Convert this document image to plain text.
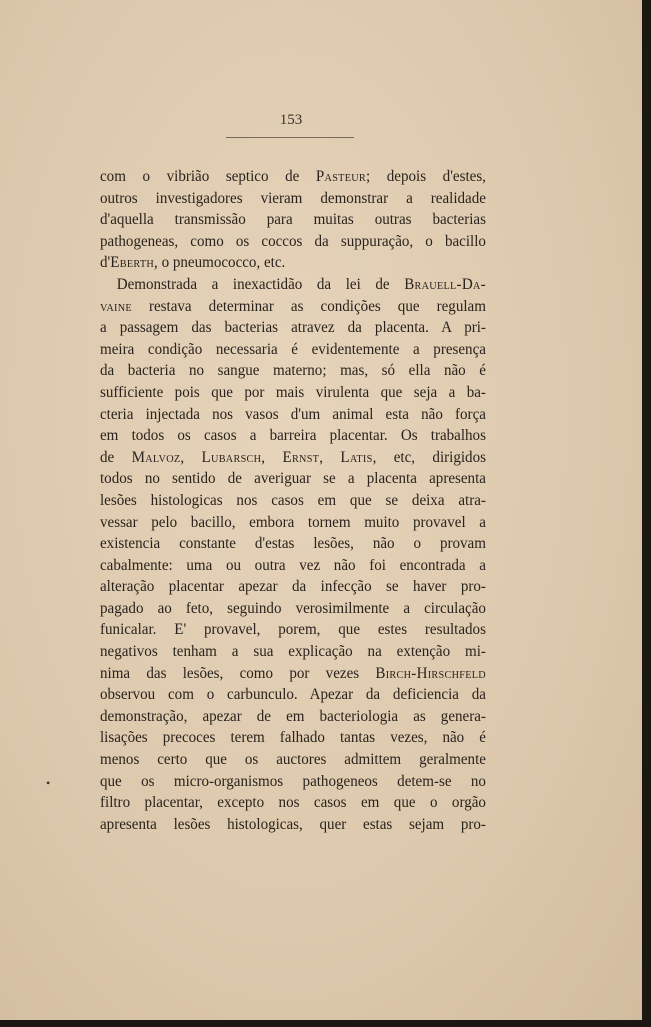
153
com o vibrião septico de Pasteur; depois d'estes,
outros investigadores vieram demonstrar a realidade
d'aquella transmissão para muitas outras bacterias
pathogeneas, como os coccos da suppuração, o bacillo
d'Eberth, o pneumococco, etc.
Demonstrada a inexactidão da lei de Brauell-Da-
vaine restava determinar as condições que regulam
a passagem das bacterias atravez da placenta. A pri-
meira condição necessaria é evidentemente a presença
da bacteria no sangue materno; mas, só ella não é
sufficiente pois que por mais virulenta que seja a ba-
cteria injectada nos vasos d'um animal esta não força
em todos os casos a barreira placentar. Os trabalhos
de Malvoz, Lubarsch, Ernst, Latis, etc, dirigidos
todos no sentido de averiguar se a placenta apresenta
lesões histologicas nos casos em que se deixa atra-
vessar pelo bacillo, embora tornem muito provavel a
existencia constante d'estas lesões, não o provam
cabalmente: uma ou outra vez não foi encontrada a
alteração placentar apezar da infecção se haver pro-
pagado ao feto, seguindo verosimilmente a circulação
funicalar. E' provavel, porem, que estes resultados
negativos tenham a sua explicação na extenção mi-
nima das lesões, como por vezes Birch-Hirschfeld
observou com o carbunculo. Apezar da deficiencia da
demonstração, apezar de em bacteriologia as genera-
lisações precoces terem falhado tantas vezes, não é
menos certo que os auctores admittem geralmente
que os micro-organismos pathogeneos detem-se no
filtro placentar, excepto nos casos em que o orgão
apresenta lesões histologicas, quer estas sejam pro-
•
